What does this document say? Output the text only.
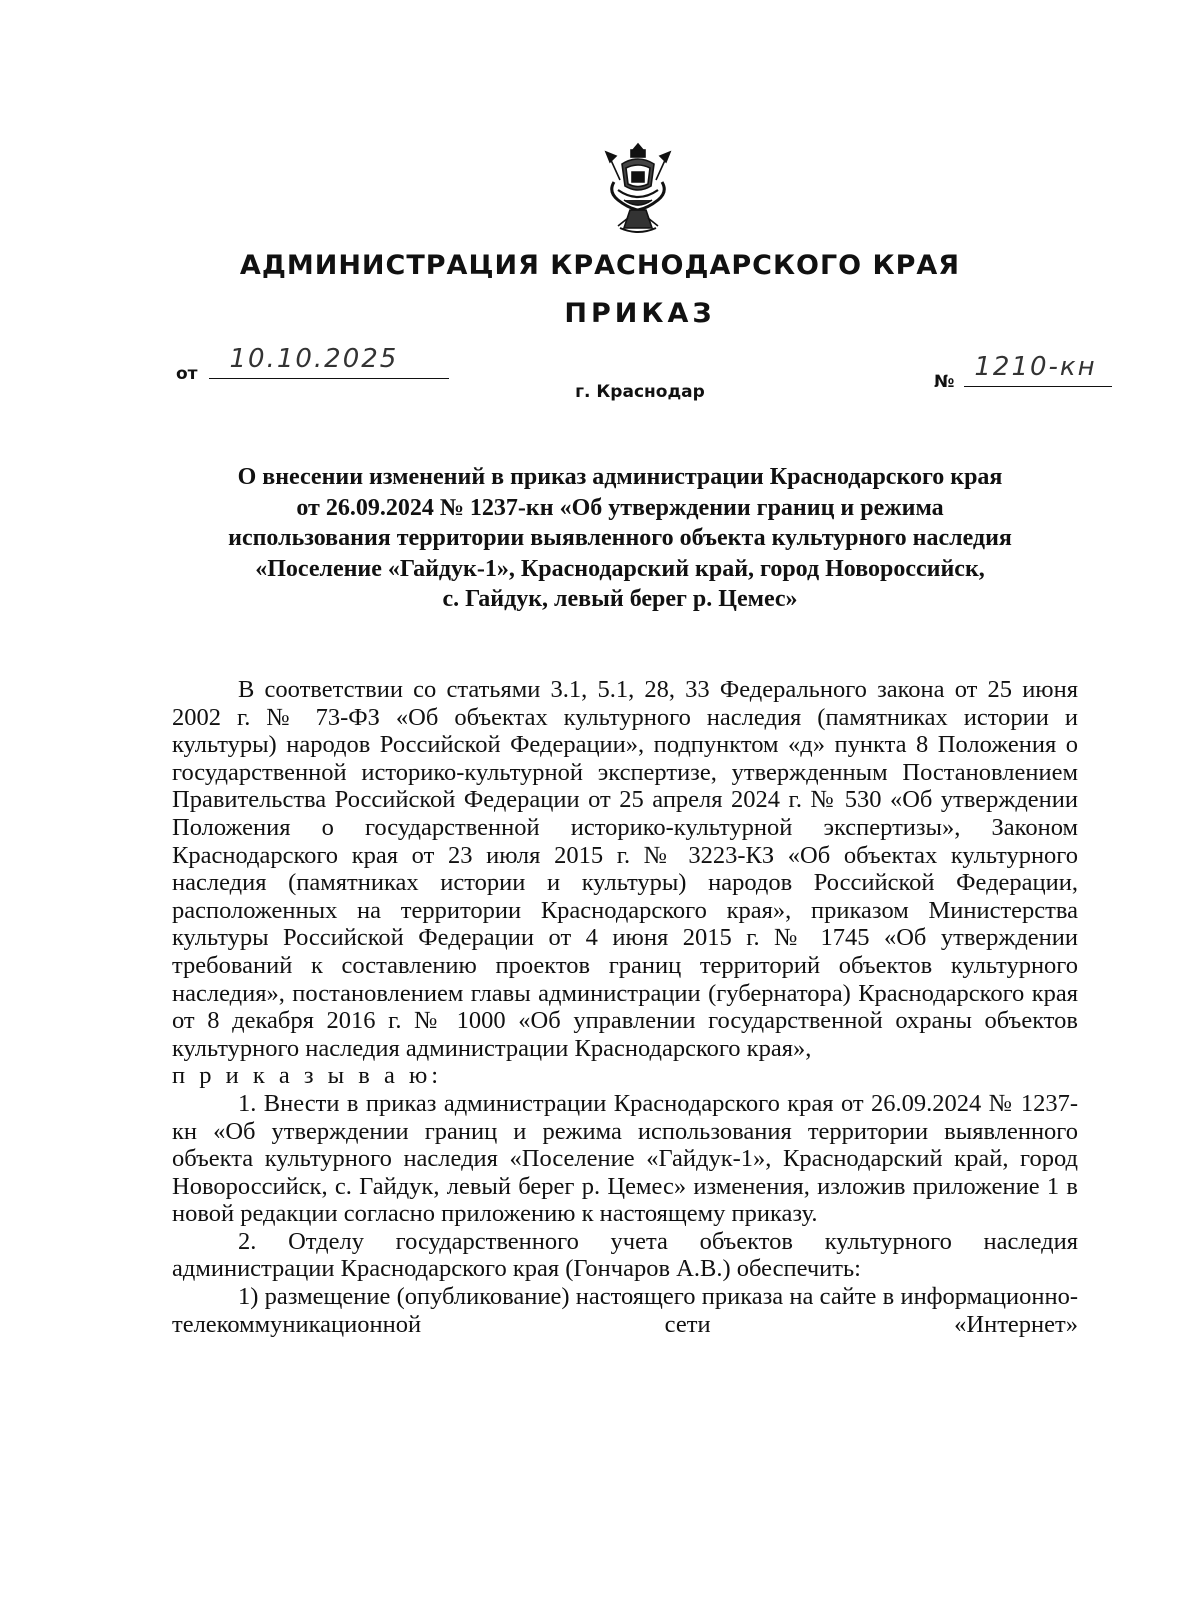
АДМИНИСТРАЦИЯ КРАСНОДАРСКОГО КРАЯ
ПРИКАЗ
от 10.10.2025
№ 1210-кн
г. Краснодар
О внесении изменений в приказ администрации Краснодарского края
от 26.09.2024 № 1237-кн «Об утверждении границ и режима
использования территории выявленного объекта культурного наследия
«Поселение «Гайдук-1», Краснодарский край, город Новороссийск,
с. Гайдук, левый берег р. Цемес»

В соответствии со статьями 3.1, 5.1, 28, 33 Федерального закона от 25 июня 2002 г. № 73-ФЗ «Об объектах культурного наследия (памятниках истории и культуры) народов Российской Федерации», подпунктом «д» пункта 8 Положения о государственной историко-культурной экспертизе, утвержденным Постановлением Правительства Российской Федерации от 25 апреля 2024 г. № 530 «Об утверждении Положения о государственной историко-культурной экспертизы», Законом Краснодарского края от 23 июля 2015 г. № 3223-КЗ «Об объектах культурного наследия (памятниках истории и культуры) народов Российской Федерации, расположенных на территории Краснодарского края», приказом Министерства культуры Российской Федерации от 4 июня 2015 г. № 1745 «Об утверждении требований к составлению проектов границ территорий объектов культурного наследия», постановлением главы администрации (губернатора) Краснодарского края от 8 декабря 2016 г. № 1000 «Об управлении государственной охраны объектов культурного наследия администрации Краснодарского края»,

п р и к а з ы в а ю:

1. Внести в приказ администрации Краснодарского края от 26.09.2024 № 1237-кн «Об утверждении границ и режима использования территории выявленного объекта культурного наследия «Поселение «Гайдук-1», Краснодарский край, город Новороссийск, с. Гайдук, левый берег р. Цемес» изменения, изложив приложение 1 в новой редакции согласно приложению к настоящему приказу.

2. Отделу государственного учета объектов культурного наследия администрации Краснодарского края (Гончаров А.В.) обеспечить:

1) размещение (опубликование) настоящего приказа на сайте в информационно-телекоммуникационной сети «Интернет»
